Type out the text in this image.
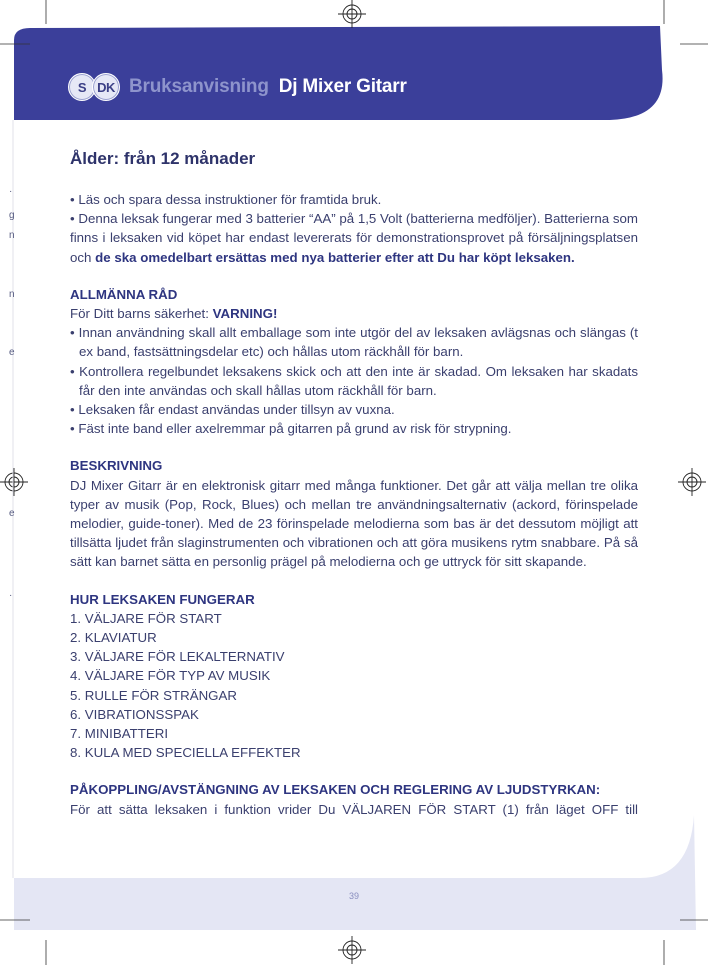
·
g
n
n
e
e
·
S DK Bruksanvisning Dj Mixer Gitarr
Ålder: från 12 månader

• Läs och spara dessa instruktioner för framtida bruk.

• Denna leksak fungerar med 3 batterier “AA” på 1,5 Volt (batterierna medföljer). Batterierna som finns i leksaken vid köpet har endast levererats för demonstrationsprovet på försäljningsplatsen och de ska omedelbart ersättas med nya batterier efter att Du har köpt leksaken.

ALLMÄNNA RÅD

För Ditt barns säkerhet: VARNING!

• Innan användning skall allt emballage som inte utgör del av leksaken avlägsnas och slängas (t ex band, fastsättningsdelar etc) och hållas utom räckhåll för barn.

• Kontrollera regelbundet leksakens skick och att den inte är skadad. Om leksaken har skadats får den inte användas och skall hållas utom räckhåll för barn.

• Leksaken får endast användas under tillsyn av vuxna.

• Fäst inte band eller axelremmar på gitarren på grund av risk för strypning.

BESKRIVNING

DJ Mixer Gitarr är en elektronisk gitarr med många funktioner. Det går att välja mellan tre olika typer av musik (Pop, Rock, Blues) och mellan tre användningsalternativ (ackord, förinspelade melodier, guide-toner). Med de 23 förinspelade melodierna som bas är det dessutom möjligt att tillsätta ljudet från slaginstrumenten och vibrationen och att göra musikens rytm snabbare. På så sätt kan barnet sätta en personlig prägel på melodierna och ge uttryck för sitt skapande.

HUR LEKSAKEN FUNGERAR

1. VÄLJARE FÖR START

2. KLAVIATUR

3. VÄLJARE FÖR LEKALTERNATIV

4. VÄLJARE FÖR TYP AV MUSIK

5. RULLE FÖR STRÄNGAR

6. VIBRATIONSSPAK

7. MINIBATTERI

8. KULA MED SPECIELLA EFFEKTER

PÅKOPPLING/AVSTÄNGNING AV LEKSAKEN OCH REGLERING AV LJUDSTYRKAN:

För att sätta leksaken i funktion vrider Du VÄLJAREN FÖR START (1) från läget OFF till

39
